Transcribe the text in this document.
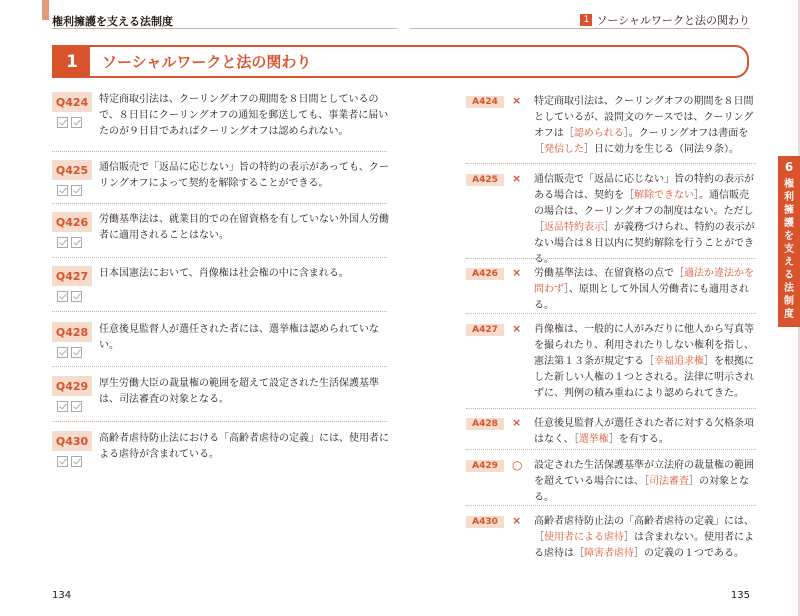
権利擁護を支える法制度	1 ソーシャルワークと法の関わり
1	ソーシャルワークと法の関わり
Q424	特定商取引法は、クーリングオフの期間を８日間としているので、８日目にクーリングオフの通知を郵送しても、事業者に届いたのが９日目であればクーリングオフは認められない。
Q425	通信販売で「返品に応じない」旨の特約の表示があっても、クーリングオフによって契約を解除することができる。
Q426	労働基準法は、就業目的での在留資格を有していない外国人労働者に適用されることはない。
Q427	日本国憲法において、肖像権は社会権の中に含まれる。
Q428	任意後見監督人が選任された者には、選挙権は認められていない。
Q429	厚生労働大臣の裁量権の範囲を超えて設定された生活保護基準は、司法審査の対象となる。
Q430	高齢者虐待防止法における「高齢者虐待の定義」には、使用者による虐待が含まれている。
A424	× 特定商取引法は、クーリングオフの期間を８日間としているが、設問文のケースでは、クーリングオフは［認められる］。クーリングオフは書面を［発信した］日に効力を生じる（同法９条）。
A425	× 通信販売で「返品に応じない」旨の特約の表示がある場合は、契約を［解除できない］。通信販売の場合は、クーリングオフの制度はない。ただし［返品特約表示］が義務づけられ、特約の表示がない場合は８日以内に契約解除を行うことができる。
A426	× 労働基準法は、在留資格の点で［適法か違法かを問わず］、原則として外国人労働者にも適用される。
A427	× 肖像権は、一般的に人がみだりに他人から写真等を撮られたり、利用されたりしない権利を指し、憲法第１３条が規定する［幸福追求権］を根拠にした新しい人権の１つとされる。法律に明示されずに、判例の積み重ねにより認められてきた。
A428	× 任意後見監督人が選任された者に対する欠格条項はなく、［選挙権］を有する。
A429	○ 設定された生活保護基準が立法府の裁量権の範囲を超えている場合には、［司法審査］の対象となる。
A430	× 高齢者虐待防止法の「高齢者虐待の定義」には、［使用者による虐待］は含まれない。使用者による虐待は［障害者虐待］の定義の１つである。
6
権
利
擁
護
を
支
え
る
法
制
度
134	135
